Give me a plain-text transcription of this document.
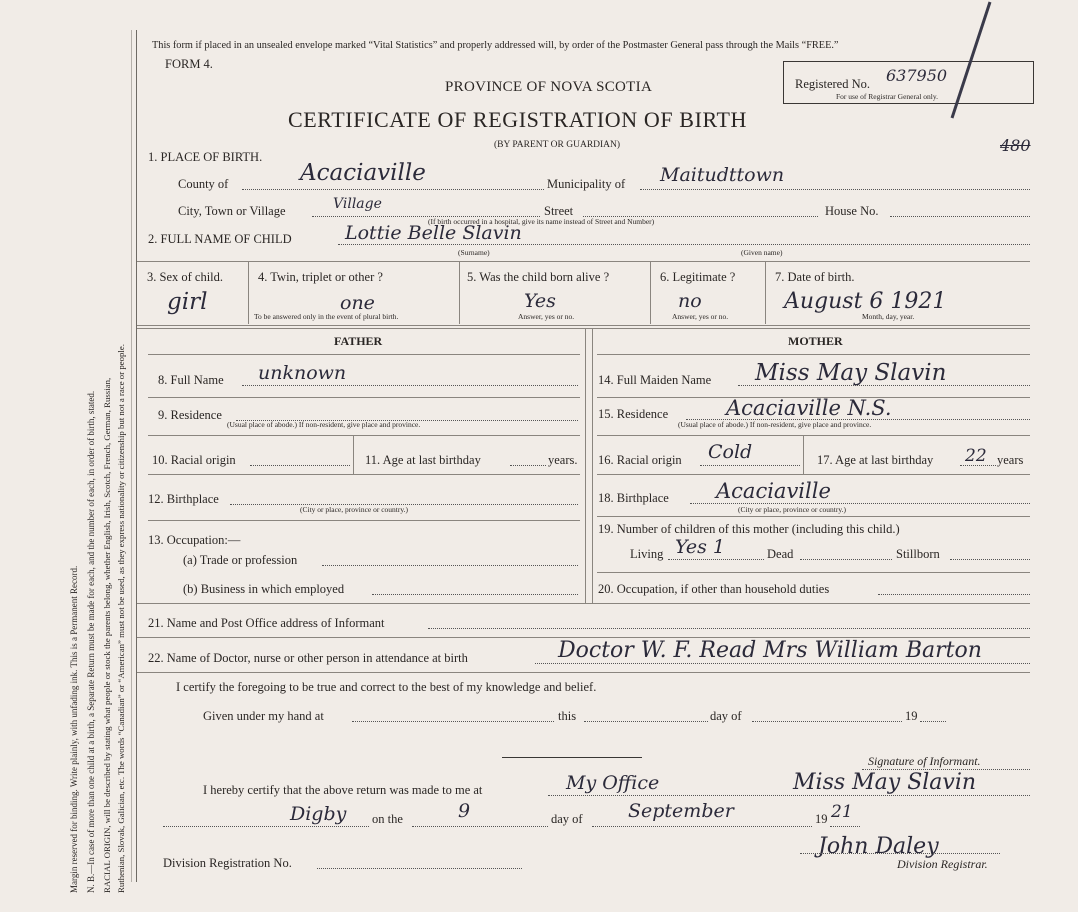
Margin reserved for binding. Write plainly, with unfading ink. This is a Permanent Record. N. B.—In case of more than one child at a birth, a Separate Return must be made for each, and the number of each, in order of birth, stated. RACIAL ORIGIN, will be described by stating what people or stock the parents belong, whether English, Irish, Scotch, French, German, Russian, Ruthenian, Slovak, Galician, etc. The words “Canadian” or “American” must not be used, as they express nationality or citizenship but not a race or people.
This form if placed in an unsealed envelope marked “Vital Statistics” and properly addressed will, by order of the Postmaster General pass through the Mails “FREE.”
FORM 4.
PROVINCE OF NOVA SCOTIA
CERTIFICATE OF REGISTRATION OF BIRTH
(BY PARENT OR GUARDIAN)
Registered No. 637950
For use of Registrar General only.
480
1. PLACE OF BIRTH.
County of	Acaciaville	Municipality of Maitudttown
City, Town or Village	Village	Street	House No.
(If birth occurred in a hospital, give its name instead of Street and Number)
2. FULL NAME OF CHILD	Lottie Belle Slavin
(Surname)	(Given name)
3. Sex of child.
girl
4. Twin, triplet or other ?
one
To be answered only in the event of plural birth.
5. Was the child born alive ?
Yes
Answer, yes or no.
6. Legitimate ?
no
Answer, yes or no.
7. Date of birth.
August 6 1921
Month, day, year.
FATHER	MOTHER
8. Full Name unknown
9. Residence
(Usual place of abode.) If non-resident, give place and province.
10. Racial origin	11. Age at last birthday	years.
12. Birthplace
(City or place, province or country.)
13. Occupation:—
(a) Trade or profession
(b) Business in which employed
14. Full Maiden Name Miss May Slavin
15. Residence	Acaciaville N.S.
(Usual place of abode.) If non-resident, give place and province.
16. Racial origin Cold	17. Age at last birthday 22 years
18. Birthplace Acaciaville
(City or place, province or country.)
19. Number of children of this mother (including this child.)
Living Yes 1	Dead	Stillborn
20. Occupation, if other than household duties
21. Name and Post Office address of Informant
22. Name of Doctor, nurse or other person in attendance at birth	Doctor W. F. Read Mrs William Barton
I certify the foregoing to be true and correct to the best of my knowledge and belief.
Given under my hand at	this	day of	19
Signature of Informant.
I hereby certify that the above return was made to me at	My Office	Miss May Slavin
Digby on the	9	day of September	19 21
Division Registration No.
John Daley
Division Registrar.
